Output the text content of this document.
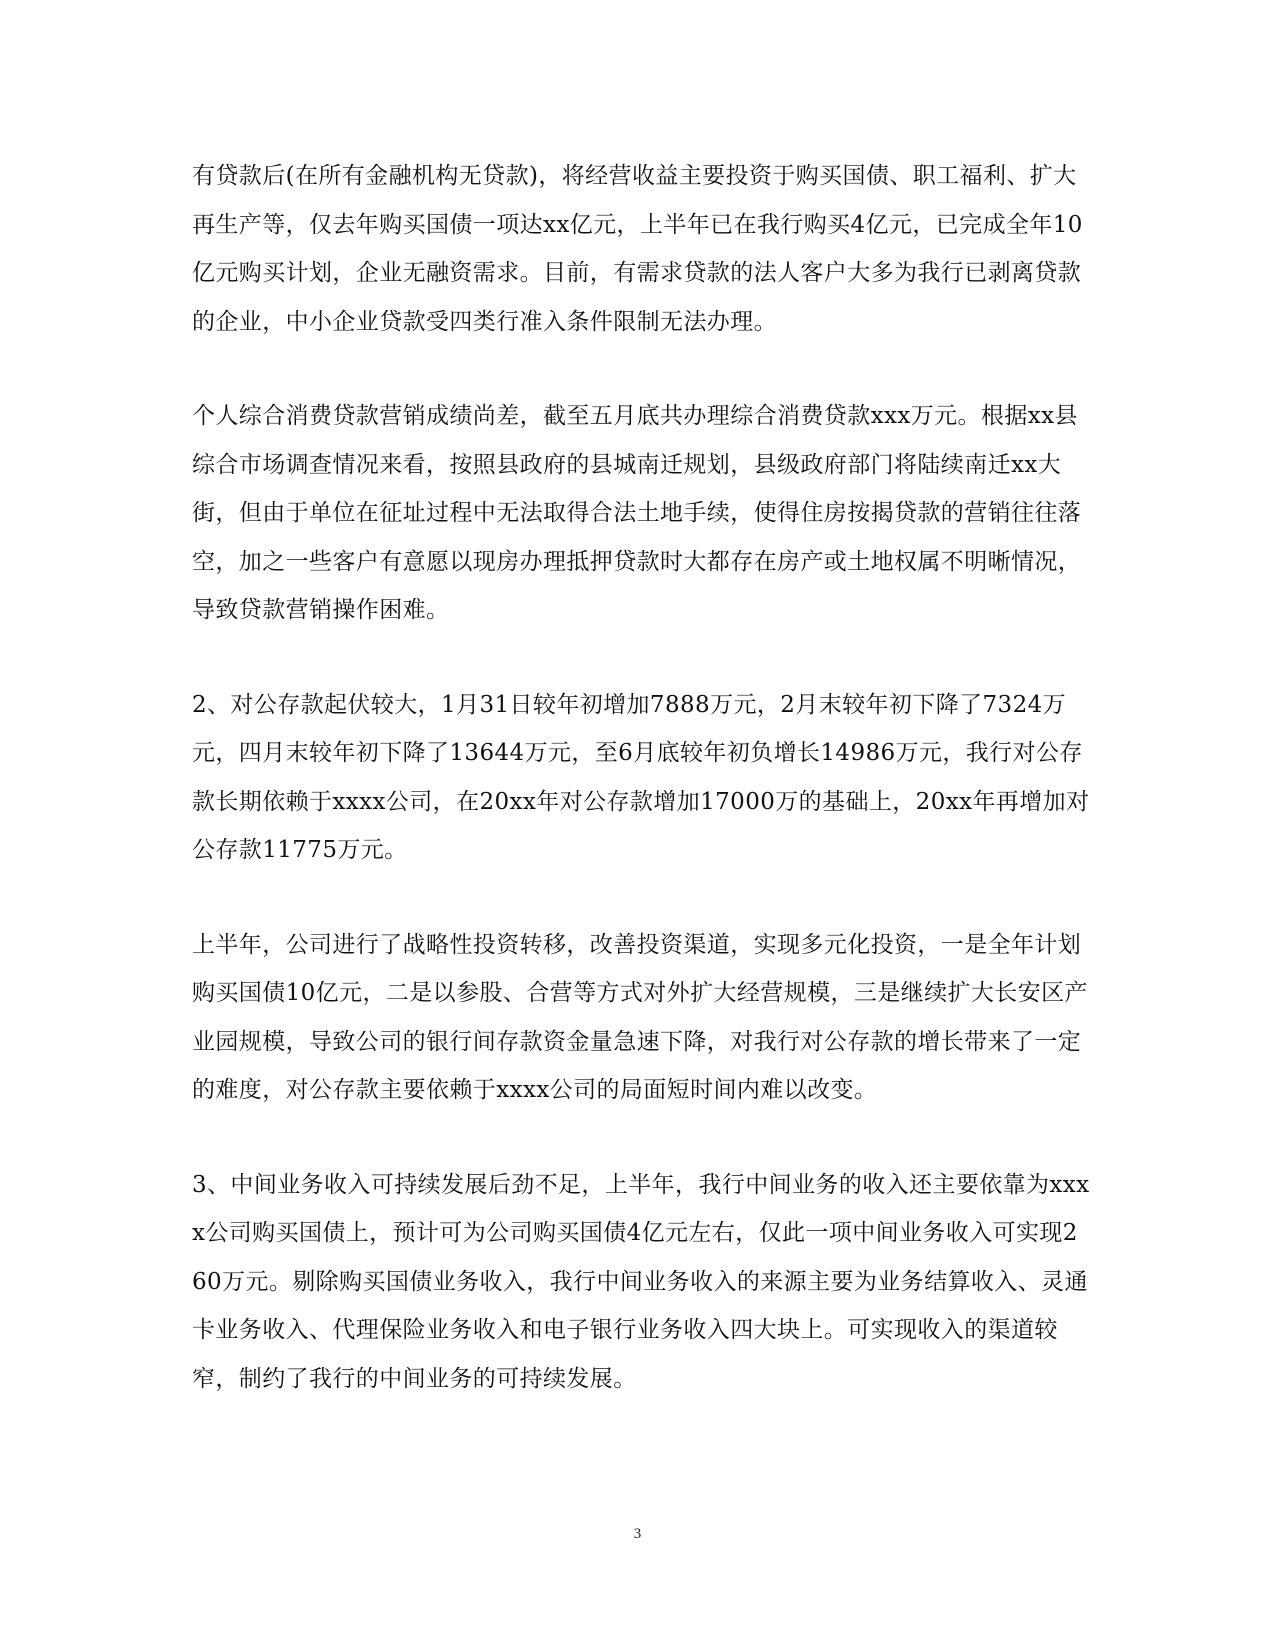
有贷款后(在所有金融机构无贷款)，将经营收益主要投资于购买国债、职工福利、扩大再生产等，仅去年购买国债一项达xx亿元，上半年已在我行购买4亿元，已完成全年10亿元购买计划，企业无融资需求。目前，有需求贷款的法人客户大多为我行已剥离贷款的企业，中小企业贷款受四类行准入条件限制无法办理。

个人综合消费贷款营销成绩尚差，截至五月底共办理综合消费贷款xxx万元。根据xx县综合市场调查情况来看，按照县政府的县城南迁规划，县级政府部门将陆续南迁xx大街，但由于单位在征址过程中无法取得合法土地手续，使得住房按揭贷款的营销往往落空，加之一些客户有意愿以现房办理抵押贷款时大都存在房产或土地权属不明晰情况，导致贷款营销操作困难。

2、对公存款起伏较大，1月31日较年初增加7888万元，2月末较年初下降了7324万元，四月末较年初下降了13644万元，至6月底较年初负增长14986万元，我行对公存款长期依赖于xxxx公司，在20xx年对公存款增加17000万的基础上，20xx年再增加对公存款11775万元。

上半年，公司进行了战略性投资转移，改善投资渠道，实现多元化投资，一是全年计划购买国债10亿元，二是以参股、合营等方式对外扩大经营规模，三是继续扩大长安区产业园规模，导致公司的银行间存款资金量急速下降，对我行对公存款的增长带来了一定的难度，对公存款主要依赖于xxxx公司的局面短时间内难以改变。

3、中间业务收入可持续发展后劲不足，上半年，我行中间业务的收入还主要依靠为xxxx公司购买国债上，预计可为公司购买国债4亿元左右，仅此一项中间业务收入可实现260万元。剔除购买国债业务收入，我行中间业务收入的来源主要为业务结算收入、灵通卡业务收入、代理保险业务收入和电子银行业务收入四大块上。可实现收入的渠道较窄，制约了我行的中间业务的可持续发展。

3
